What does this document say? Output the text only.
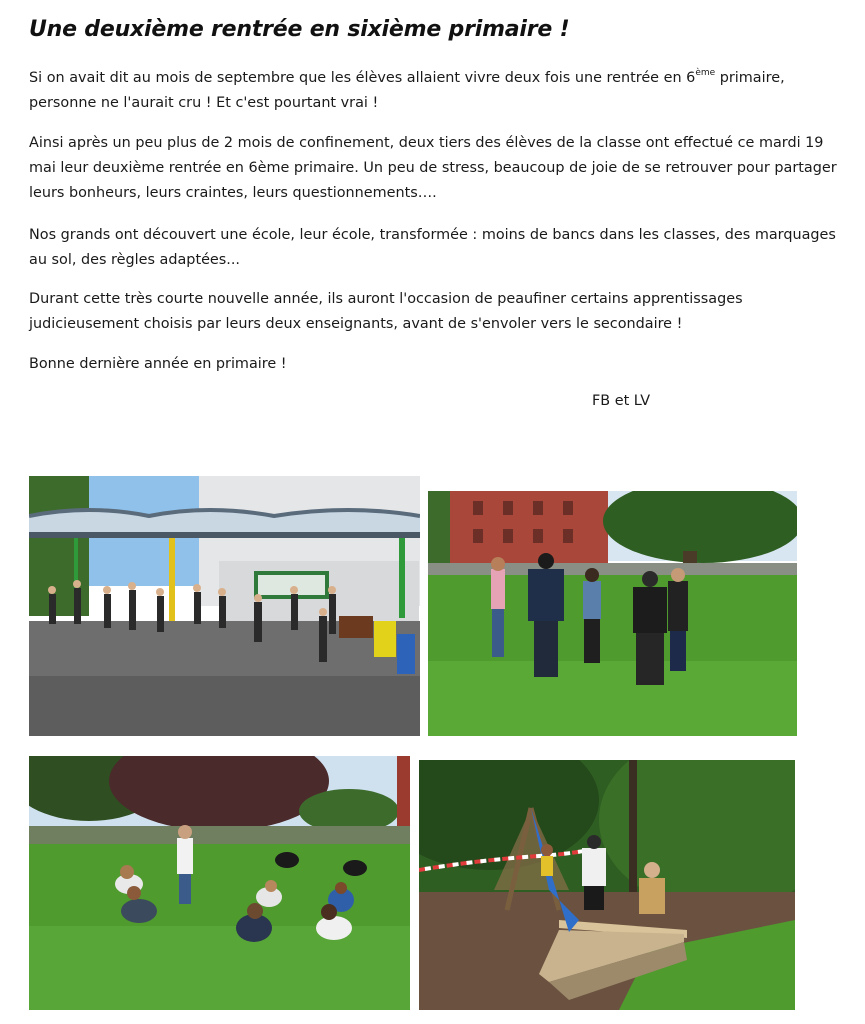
Une deuxième rentrée en sixième primaire !

Si on avait dit au mois de septembre que les élèves allaient vivre deux fois une rentrée en 6ème primaire, personne ne l'aurait cru ! Et c'est pourtant vrai !

Ainsi après un peu plus de 2 mois de confinement, deux tiers des élèves de la classe ont effectué ce mardi 19 mai leur deuxième rentrée en 6ème primaire. Un peu de stress, beaucoup de joie de se retrouver pour partager leurs bonheurs, leurs craintes, leurs questionnements….

Nos grands ont découvert une école, leur école, transformée : moins de bancs dans les classes, des marquages au sol, des règles adaptées...

Durant cette très courte nouvelle année, ils auront l'occasion de peaufiner certains apprentissages judicieusement choisis par leurs deux enseignants, avant de s'envoler vers le secondaire !

Bonne dernière année en primaire !

FB et LV
